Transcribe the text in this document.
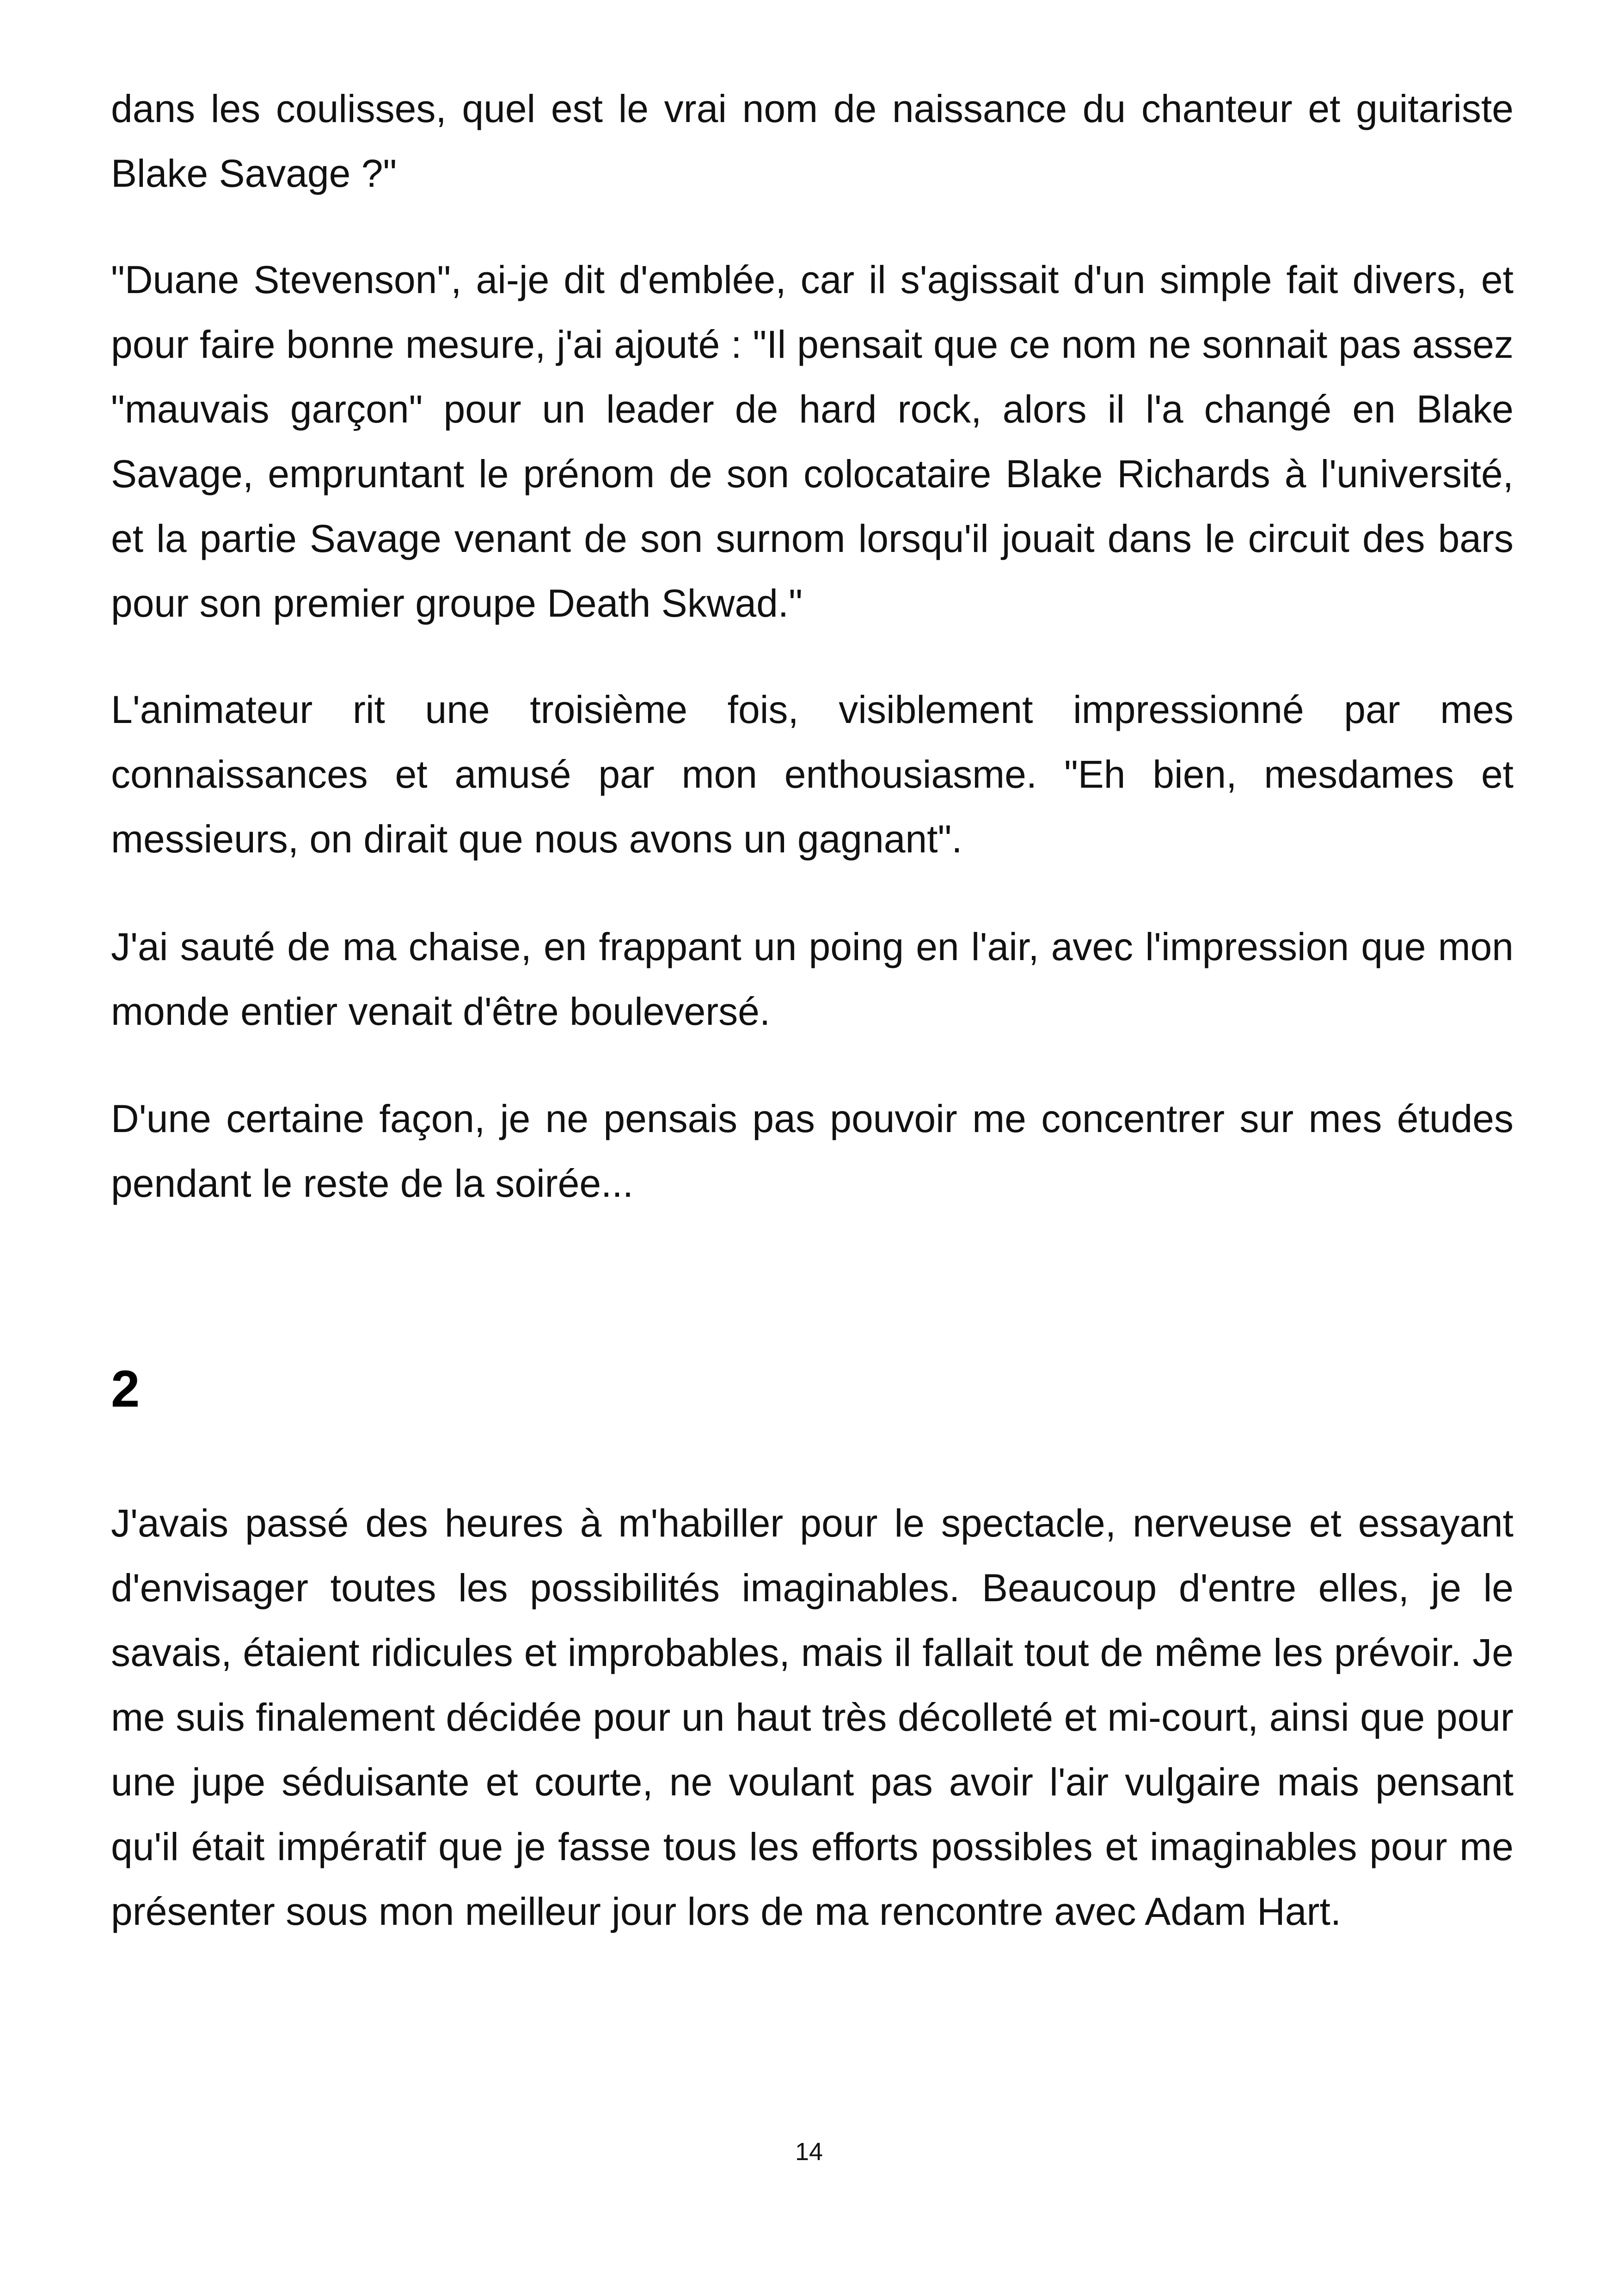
dans les coulisses, quel est le vrai nom de naissance du chanteur et guitariste Blake Savage ?"

"Duane Stevenson", ai-je dit d'emblée, car il s'agissait d'un simple fait divers, et pour faire bonne mesure, j'ai ajouté : "Il pensait que ce nom ne sonnait pas assez "mauvais garçon" pour un leader de hard rock, alors il l'a changé en Blake Savage, empruntant le prénom de son colocataire Blake Richards à l'université, et la partie Savage venant de son surnom lorsqu'il jouait dans le circuit des bars pour son premier groupe Death Skwad."

L'animateur rit une troisième fois, visiblement impressionné par mes connaissances et amusé par mon enthousiasme. "Eh bien, mesdames et messieurs, on dirait que nous avons un gagnant".

J'ai sauté de ma chaise, en frappant un poing en l'air, avec l'impression que mon monde entier venait d'être bouleversé.

D'une certaine façon, je ne pensais pas pouvoir me concentrer sur mes études pendant le reste de la soirée...

2

J'avais passé des heures à m'habiller pour le spectacle, nerveuse et essayant d'envisager toutes les possibilités imaginables. Beaucoup d'entre elles, je le savais, étaient ridicules et improbables, mais il fallait tout de même les prévoir. Je me suis finalement décidée pour un haut très décolleté et mi-court, ainsi que pour une jupe séduisante et courte, ne voulant pas avoir l'air vulgaire mais pensant qu'il était impératif que je fasse tous les efforts possibles et imaginables pour me présenter sous mon meilleur jour lors de ma rencontre avec Adam Hart.

14
